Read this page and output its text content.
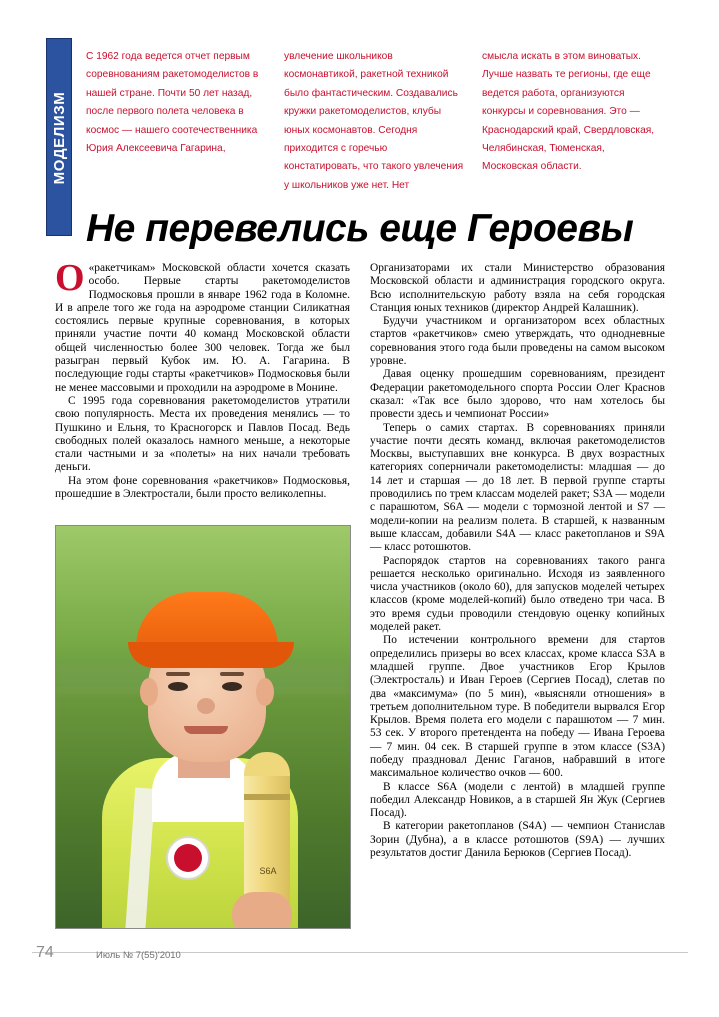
МОДЕЛИЗМ

С 1962 года ведется отчет первым соревнованиям ракетомоделистов в нашей стране. Почти 50 лет назад, после первого полета человека в космос — нашего соотечественника Юрия Алексеевича Гагарина,

увлечение школьников космонавтикой, ракетной техникой было фантастическим. Создавались кружки ракетомоделистов, клубы юных космонавтов. Сегодня приходится с горечью констатировать, что такого увлечения у школьников уже нет. Нет

смысла искать в этом виноватых. Лучше назвать те регионы, где еще ведется работа, организуются конкурсы и соревнования. Это — Краснодарский край, Свердловская, Челябинская, Тюменская, Московская области.

Не перевелись еще Героевы

О «ракетчикам» Московской области хочется сказать особо. Первые старты ракетомоделистов Подмосковья прошли в январе 1962 года в Коломне. И в апреле того же года на аэродроме станции Силикатная состоялись первые крупные соревнования, в которых приняли участие почти 40 команд Московской области общей численностью более 300 человек. Тогда же был разыгран первый Кубок им. Ю. А. Гагарина. В последующие годы старты «ракетчиков» Подмосковья были не менее массовыми и проходили на аэродроме в Монине.

С 1995 года соревнования ракетомоделистов утратили свою популярность. Места их проведения менялись — то Пушкино и Ельня, то Красногорск и Павлов Посад. Ведь свободных полей оказалось намного меньше, а некоторые стали частными и за «полеты» на них начали требовать деньги.

На этом фоне соревнования «ракетчиков» Подмосковья, прошедшие в Электростали, были просто великолепны.

Организаторами их стали Министерство образования Московской области и администрация городского округа. Всю исполнительскую работу взяла на себя городская Станция юных техников (директор Андрей Калашник).

Будучи участником и организатором всех областных стартов «ракетчиков» смею утверждать, что однодневные соревнования этого года были проведены на самом высоком уровне.

Давая оценку прошедшим соревнованиям, президент Федерации ракетомодельного спорта России Олег Краснов сказал: «Так все было здорово, что нам хотелось бы провести здесь и чемпионат России»

Теперь о самих стартах. В соревнованиях приняли участие почти десять команд, включая ракетомоделистов Москвы, выступавших вне конкурса. В двух возрастных категориях соперничали ракетомоделисты: младшая — до 14 лет и старшая — до 18 лет. В первой группе старты проводились по трем классам моделей ракет; S3A — модели с парашютом, S6A — модели с тормозной лентой и S7 — модели-копии на реализм полета. В старшей, к названным выше классам, добавили S4A — класс ракетопланов и S9A — класс ротошютов.

Распорядок стартов на соревнованиях такого ранга решается несколько оригинально. Исходя из заявленного числа участников (около 60), для запусков моделей четырех классов (кроме моделей-копий) было отведено три часа. В это время судьи проводили стендовую оценку копийных моделей ракет.

По истечении контрольного времени для стартов определились призеры во всех классах, кроме класса S3A в младшей группе. Двое участников Егор Крылов (Электросталь) и Иван Героев (Сергиев Посад), слетав по два «максимума» (по 5 мин), «выясняли отношения» в третьем дополнительном туре. В победители вырвался Егор Крылов. Время полета его модели с парашютом — 7 мин. 53 сек. У второго претендента на победу — Ивана Героева — 7 мин. 04 сек. В старшей группе в этом классе (S3A) победу праздновал Денис Гаганов, набравший в итоге максимальное количество очков — 600.

В классе S6A (модели с лентой) в младшей группе победил Александр Новиков, а в старшей Ян Жук (Сергиев Посад).

В категории ракетопланов (S4A) — чемпион Станислав Зорин (Дубна), а в классе ротошютов (S9A) — лучших результатов достиг Данила Берюков (Сергиев Посад).

S6A
74	Июль № 7(55)'2010
